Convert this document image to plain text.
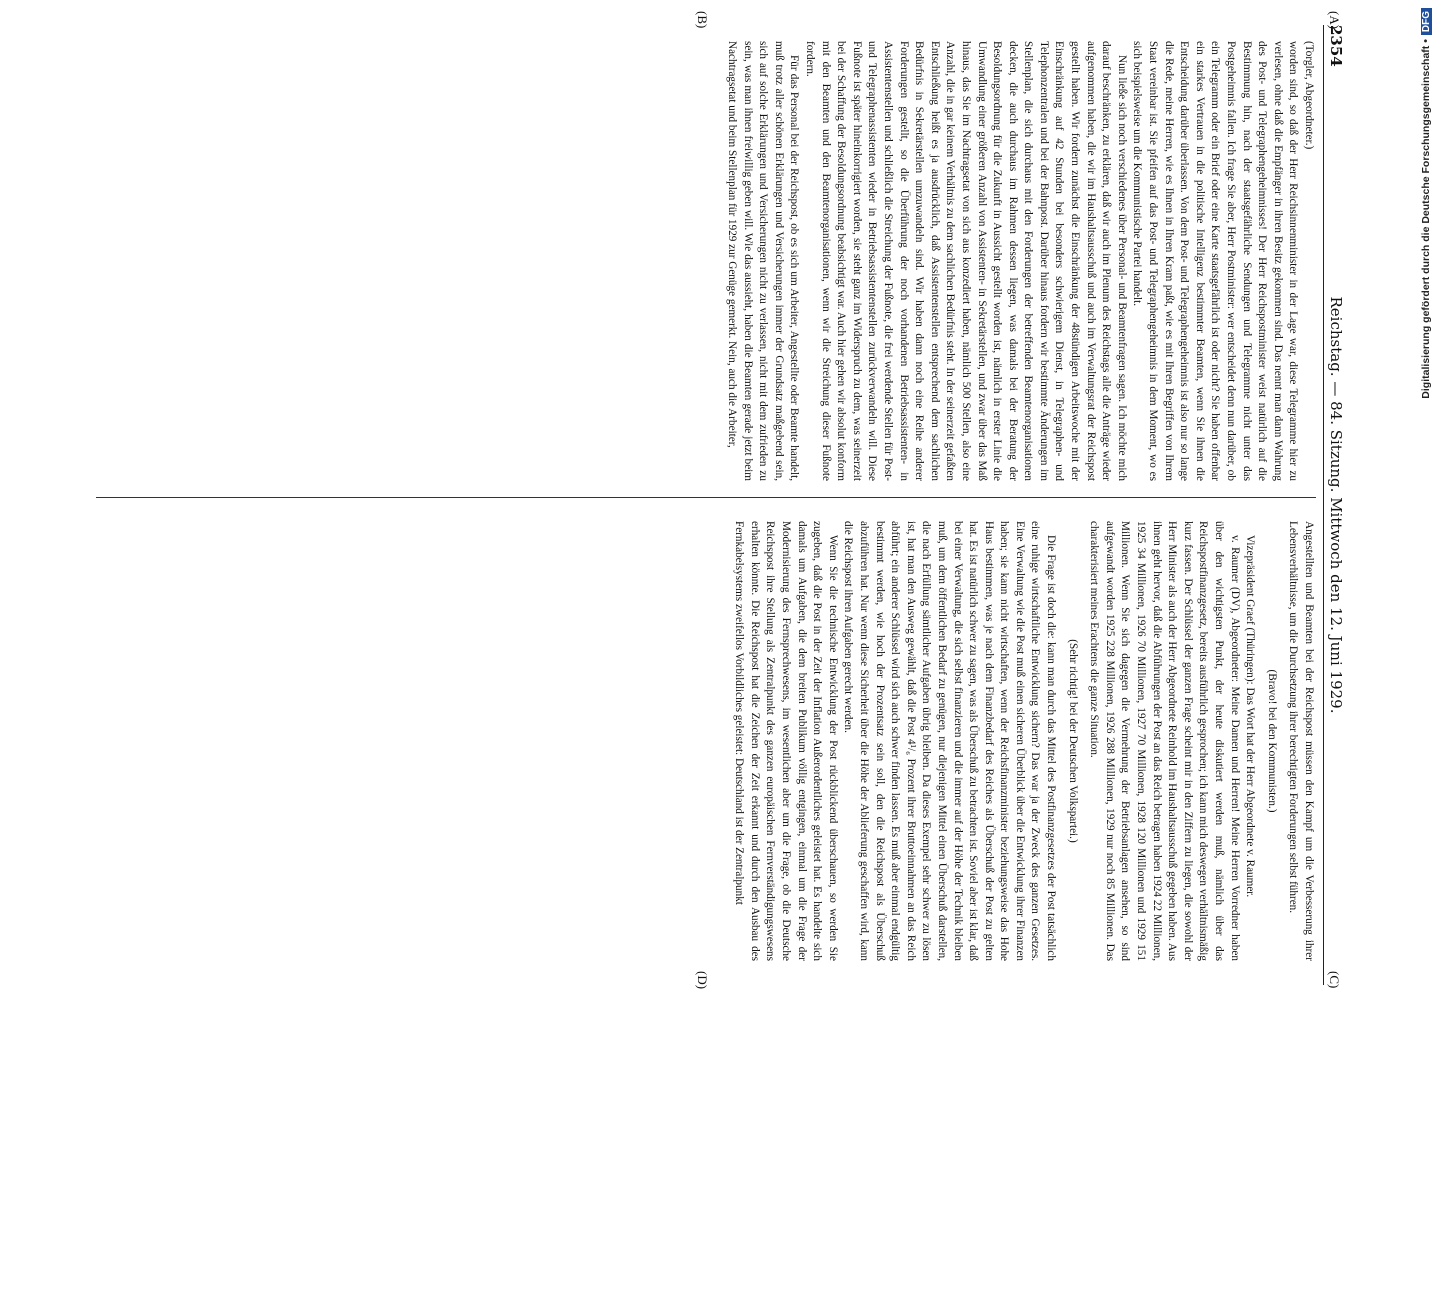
2354
Reichstag. — 84. Sitzung. Mittwoch den 12. Juni 1929.
(A)
(B)
(C)
(D)

(Torgler, Abgeordneter.)

worden sind, so daß der Herr Reichsinnenminister in der Lage war, diese Telegramme hier zu verlesen, ohne daß die Empfänger in ihren Besitz gekommen sind. Das nennt man dann Wahrung des Post- und Telegraphengeheimnisses! Der Herr Reichspostminister weist natürlich auf die Bestimmung hin, nach der staatsgefährliche Sendungen und Telegramme nicht unter das Postgeheimnis fallen. Ich frage Sie aber, Herr Postminister: wer entscheidet denn nun darüber, ob ein Telegramm oder ein Brief oder eine Karte staatsgefährlich ist oder nicht? Sie haben offenbar ein starkes Vertrauen in die politische Intelligenz bestimmter Beamten, wenn Sie ihnen die Entscheidung darüber überlassen. Von dem Post- und Telegraphengeheimnis ist also nur so lange die Rede, meine Herren, wie es Ihnen in Ihren Kram paßt, wie es mit Ihren Begriffen von Ihrem Staat vereinbar ist. Sie pfeifen auf das Post- und Telegraphengeheimnis in dem Moment, wo es sich beispielsweise um die Kommunistische Partei handelt.

Nun ließe sich noch verschiedenes über Personal- und Beamtenfragen sagen. Ich möchte mich darauf beschränken, zu erklären, daß wir auch im Plenum des Reichstags alle die Anträge wieder aufgenommen haben, die wir im Haushaltsausschuß und auch im Verwaltungsrat der Reichspost gestellt haben. Wir fordern zunächst die Einschränkung der 48stündigen Arbeitswoche mit der Einschränkung auf 42 Stunden bei besonders schwierigem Dienst, in Telegraphen- und Telephonzentralen und bei der Bahnpost. Darüber hinaus fordern wir bestimmte Änderungen im Stellenplan, die sich durchaus mit den Forderungen der betreffenden Beamtenorganisationen decken, die auch durchaus im Rahmen dessen liegen, was damals bei der Beratung der Besoldungsordnung für die Zukunft in Aussicht gestellt worden ist, nämlich in erster Linie die Umwandlung einer größeren Anzahl von Assistenten- in Sekretärstellen, und zwar über das Maß hinaus, das Sie im Nachtragsetat von sich aus konzediert haben, nämlich 500 Stellen, also eine Anzahl, die in gar keinem Verhältnis zu dem sachlichen Bedürfnis steht. In der seinerzeit gefaßten Entschließung heißt es ja ausdrücklich, daß Assistentenstellen entsprechend dem sachlichen Bedürfnis in Sekretärstellen umzuwandeln sind. Wir haben dann noch eine Reihe anderer Forderungen gestellt, so die Überführung der noch vorhandenen Betriebsassistenten- in Assistentenstellen und schließlich die Streichung der Fußnote, die frei werdende Stellen für Post- und Telegraphenassistenten wieder in Betriebsassistentenstellen zurückverwandeln will. Diese Fußnote ist später hineinkorrigiert worden, sie steht ganz im Widerspruch zu dem, was seinerzeit bei der Schaffung der Besoldungsordnung beabsichtigt war. Auch hier gehen wir absolut konform mit den Beamten und den Beamtenorganisationen, wenn wir die Streichung dieser Fußnote fordern.

Für das Personal bei der Reichspost, ob es sich um Arbeiter, Angestellte oder Beamte handelt, muß trotz aller schönen Erklärungen und Versicherungen immer der Grundsatz maßgebend sein, sich auf solche Erklärungen und Versicherungen nicht zu verlassen, nicht mit dem zufrieden zu sein, was man ihnen freiwillig geben will. Wie das aussieht, haben die Beamten gerade jetzt beim Nachtragsetat und beim Stellenplan für 1929 zur Genüge gemerkt. Nein, auch die Arbeiter,

Angestellten und Beamten bei der Reichspost müssen den Kampf um die Verbesserung ihrer Lebensverhältnisse, um die Durchsetzung ihrer berechtigten Forderungen selbst führen.

(Bravo! bei den Kommunisten.)

Vizepräsident Graef (Thüringen): Das Wort hat der Herr Abgeordnete v. Raumer.

v. Raumer (DV), Abgeordneter: Meine Damen und Herren! Meine Herren Vorredner haben über den wichtigsten Punkt, der heute diskutiert werden muß, nämlich über das Reichspostfinanzgesetz, bereits ausführlich gesprochen; ich kann mich deswegen verhältnismäßig kurz fassen. Der Schlüssel der ganzen Frage scheint mir in den Ziffern zu liegen, die sowohl der Herr Minister als auch der Herr Abgeordnete Reinhold im Haushaltsausschuß gegeben haben. Aus ihnen geht hervor, daß die Abführungen der Post an das Reich betragen haben 1924 22 Millionen, 1925 34 Millionen, 1926 70 Millionen, 1927 70 Millionen, 1928 120 Millionen und 1929 151 Millionen. Wenn Sie sich dagegen die Vermehrung der Betriebsanlagen ansehen, so sind aufgewandt worden 1925 228 Millionen, 1926 288 Millionen, 1929 nur noch 85 Millionen. Das charakterisiert meines Erachtens die ganze Situation.

(Sehr richtig! bei der Deutschen Volkspartei.)

Die Frage ist doch die: kann man durch das Mittel des Postfinanzgesetzes der Post tatsächlich eine ruhige wirtschaftliche Entwicklung sichern? Das war ja der Zweck des ganzen Gesetzes. Eine Verwaltung wie die Post muß einen sicheren Überblick über die Entwicklung ihrer Finanzen haben; sie kann nicht wirtschaften, wenn der Reichsfinanzminister beziehungsweise das Hohe Haus bestimmen, was je nach dem Finanzbedarf des Reiches als Überschuß der Post zu gelten hat. Es ist natürlich schwer zu sagen, was als Überschuß zu betrachten ist. Soviel aber ist klar, daß bei einer Verwaltung, die sich selbst finanzieren und die immer auf der Höhe der Technik bleiben muß, um dem öffentlichen Bedarf zu genügen, nur diejenigen Mittel einen Überschuß darstellen, die nach Erfüllung sämtlicher Aufgaben übrig bleiben. Da dieses Exempel sehr schwer zu lösen ist, hat man den Ausweg gewählt, daß die Post 4¹/₆ Prozent ihrer Bruttoeinnahmen an das Reich abführt; ein anderer Schlüssel wird sich auch schwer finden lassen. Es muß aber einmal endgültig bestimmt werden, wie hoch der Prozentsatz sein soll, den die Reichspost als Überschuß abzuführen hat. Nur wenn diese Sicherheit über die Höhe der Ablieferung geschaffen wird, kann die Reichspost ihren Aufgaben gerecht werden.

Wenn Sie die technische Entwicklung der Post rückblickend überschauen, so werden Sie zugeben, daß die Post in der Zeit der Inflation Außerordentliches geleistet hat. Es handelte sich damals um Aufgaben, die dem breiten Publikum völlig entgingen, einmal um die Frage der Modernisierung des Fernsprechwesens, im wesentlichen aber um die Frage, ob die Deutsche Reichspost ihre Stellung als Zentralpunkt des ganzen europäischen Fernverständigungswesens erhalten könnte. Die Reichspost hat die Zeichen der Zeit erkannt und durch den Ausbau des Fernkabelsystems zweifellos Vorbildliches geleistet: Deutschland ist der Zentralpunkt

Digitalisierung gefördert durch die Deutsche Forschungsgemeinschaft •DFG
